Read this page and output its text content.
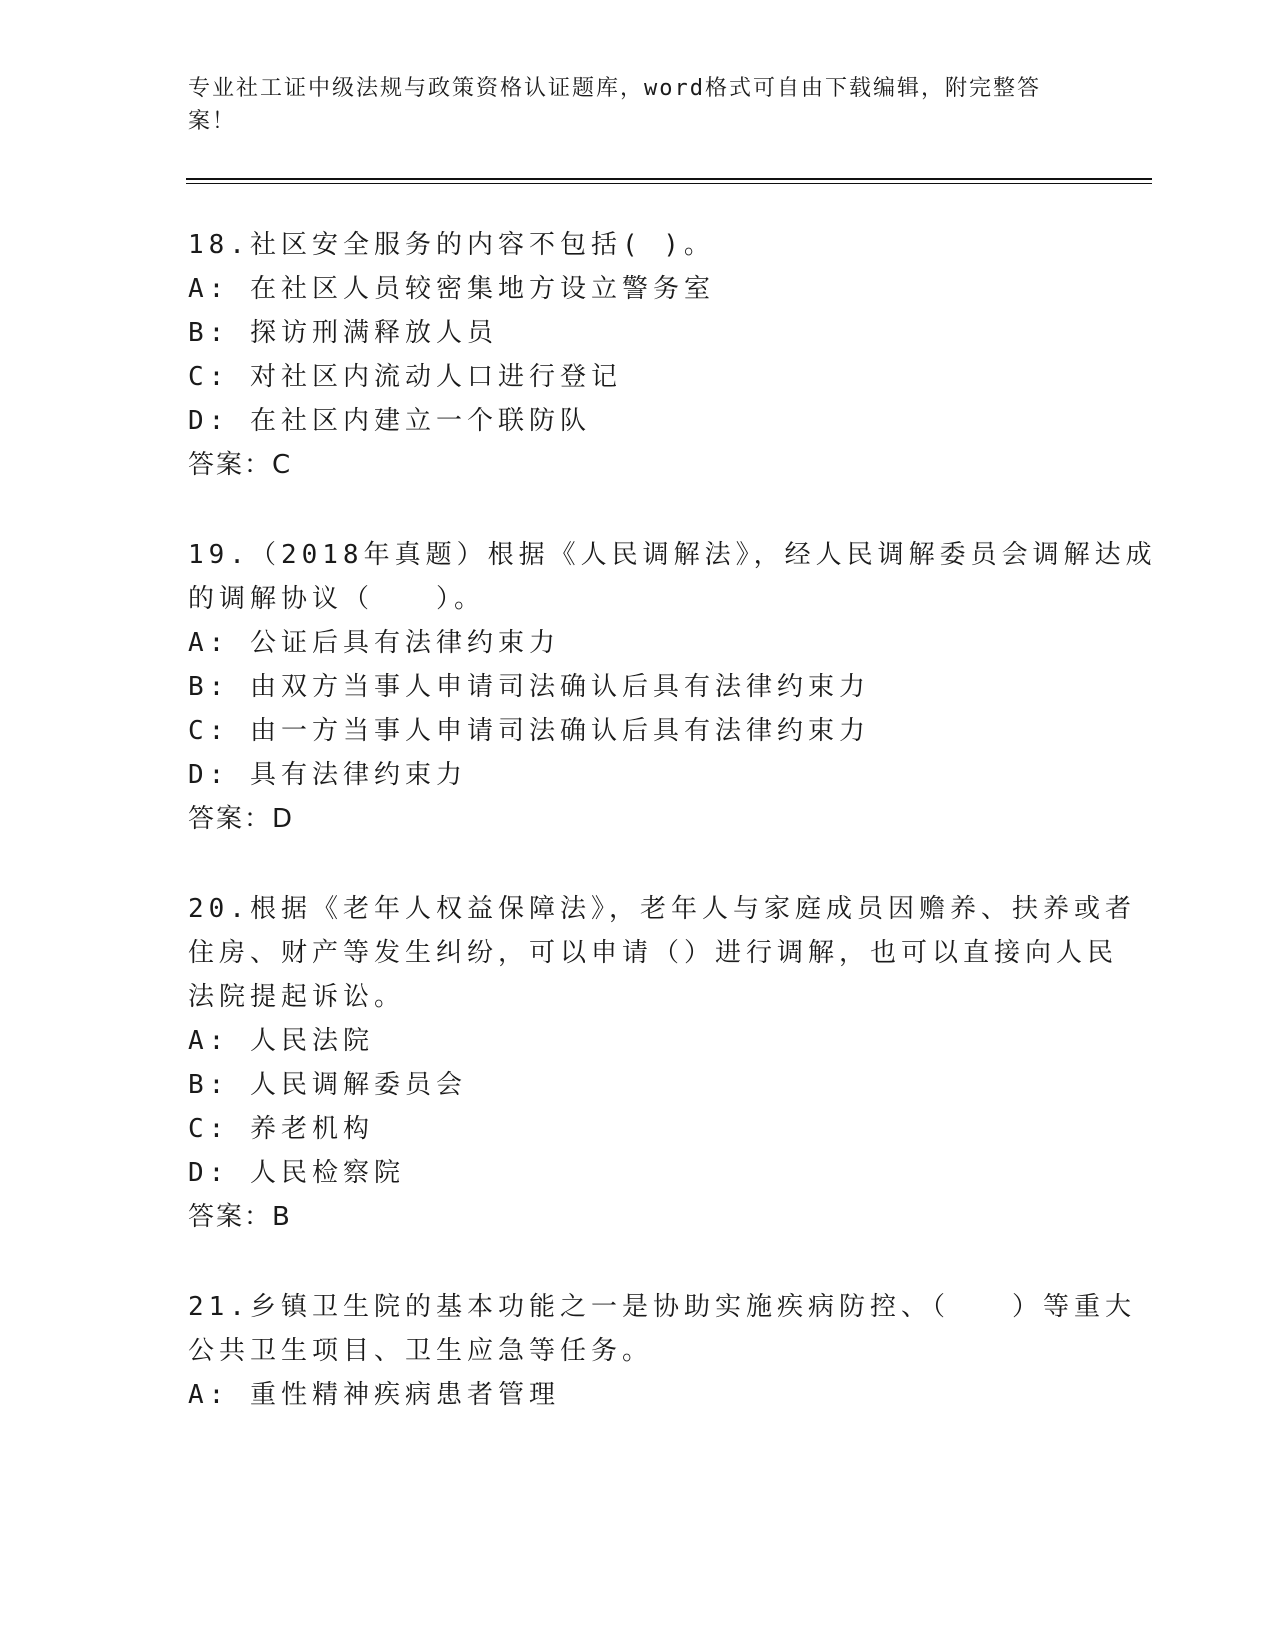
专业社工证中级法规与政策资格认证题库，word格式可自由下载编辑，附完整答案！
18.社区安全服务的内容不包括( )。
A: 在社区人员较密集地方设立警务室
B: 探访刑满释放人员
C: 对社区内流动人口进行登记
D: 在社区内建立一个联防队
答案：C
19.（2018年真题）根据《人民调解法》，经人民调解委员会调解达成
的调解协议（　　）。
A: 公证后具有法律约束力
B: 由双方当事人申请司法确认后具有法律约束力
C: 由一方当事人申请司法确认后具有法律约束力
D: 具有法律约束力
答案：D
20.根据《老年人权益保障法》，老年人与家庭成员因赡养、扶养或者
住房、财产等发生纠纷，可以申请（）进行调解，也可以直接向人民
法院提起诉讼。
A: 人民法院
B: 人民调解委员会
C: 养老机构
D: 人民检察院
答案：B
21.乡镇卫生院的基本功能之一是协助实施疾病防控、（　　）等重大
公共卫生项目、卫生应急等任务。
A: 重性精神疾病患者管理
